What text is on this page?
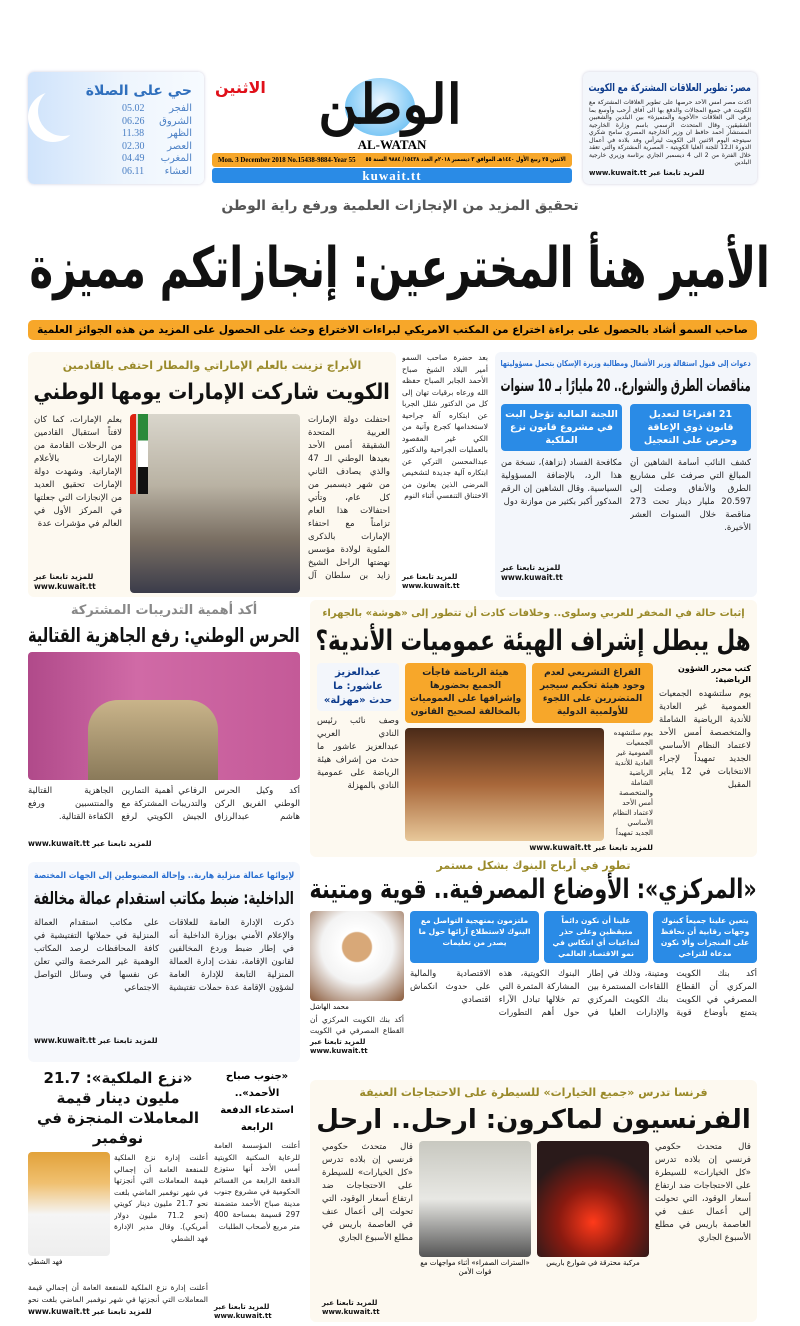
حي على الصلاة
الفجر
05.02
الشروق
06.26
الظهر
11.38
العصر
02.30
المغرب
04.49
العشاء
06.11
الوطن
الاثنين
AL-WATAN
الاثنين ٢٥ ربيع الأول ١٤٤٠هـ الموافق ٣ ديسمبر ٢٠١٨م العدد ١٥٤٣٨/ ٩٨٨٤ السنة ٥٥
Mon. 3 December 2018 No.15438-9884-Year 55
kuwait.tt
مصر: تطوير العلاقات المشتركة مع الكويت
أكدت مصر أمس الأحد حرصها على تطوير العلاقات المشتركة مع الكويت في جميع المجالات والدفع بها الى آفاق أرحب وأوسع بما يرقى الى العلاقات «الأخوية والمتميزة» بين البلدين والشعبين الشقيقين. وقال المتحدث الرسمي باسم وزارة الخارجية المستشار أحمد حافظ ان وزير الخارجية المصري سامح شكري سيتوجه اليوم الاثنين الى الكويت ليترأس وفد بلاده في أعمال الدورة الـ12 للجنة العليا الكويتية - المصرية المشتركة والتي تعقد خلال الفترة من 2 الى 4 ديسمبر الجاري برئاسة وزيري خارجية البلدين
للمزيد تابعنا عبر www.kuwait.tt
تحقيق المزيد من الإنجازات العلمية ورفع راية الوطن
الأمير هنأ المخترعين: إنجازاتكم مميزة
صاحب السمو أشاد بالحصول على براءة اختراع من المكتب الامريكي لبراءات الاختراع وحث على الحصول على المزيد من هذه الجوائز العلمية
دعوات إلى قبول استقالة وزير الأشغال ومطالبة وزيرة الإسكان بتحمل مسؤوليتها
مناقصات الطرق والشوارع.. 20 مليارًا بـ 10 سنوات
21 اقتراحًا لتعديل قانون ذوي الإعاقة وحرص على التعجيل
كشف النائب أسامة الشاهين أن المبالغ التي صرفت على مشاريع الطرق والأنفاق وصلت إلى 20.597 مليار دينار تحت 273 مناقصة خلال السنوات العشر الأخيرة.
اللجنة المالية تؤجل البت في مشروع قانون نزع الملكية
مكافحة الفساد (نزاهة)، نسخة من هذا الرد، بالإضافة المسؤولية السياسية. وقال الشاهين إن الرقم المذكور أكبر بكثير من موازنة دول
للمزيد تابعنا عبر www.kuwait.tt
بعد حضرة صاحب السمو أمير البلاد الشيخ صباح الأحمد الجابر الصباح حفظه الله ورعاه برقيات تهان إلى كل من الدكتور شلل الجربا عن ابتكاره آلة جراحية لاستخدامها كجرع وآنية من الكي غير المقصود بالعمليات الجراحية والدكتور عبدالمحسن التركي عن ابتكاره آلية جديدة لتشخيص المرضى الذين يعانون من الاختناق التنفسي أثناء النوم
للمزيد تابعنا عبر www.kuwait.tt
الأبراج تزينت بالعلم الإماراتي والمطار احتفى بالقادمين
الكويت شاركت الإمارات يومها الوطني
احتفلت دولة الإمارات العربية المتحدة الشقيقة أمس الأحد بعيدها الوطني الـ 47 والذي يصادف الثاني من شهر ديسمبر من كل عام، وتأتي احتفالات هذا العام تزامناً مع احتفاء الإمارات بالذكرى المئوية لولادة مؤسس نهضتها الراحل الشيخ زايد بن سلطان آل
بعلم الإمارات، كما كان لافتاً استقبال القادمين من الرحلات القادمة من الإمارات بالأعلام الإماراتية. وشهدت دولة الإمارات تحقيق العديد من الإنجازات التي جعلتها في المركز الأول في العالم في مؤشرات عدة
للمزيد تابعنا عبر www.kuwait.tt
إثبات حالة في المخفر للعربي وسلوى.. وخلافات كادت أن تتطور إلى «هوشة» بالجهراء
هل يبطل إشراف الهيئة عموميات الأندية؟
كتب محرر الشؤون الرياضية:
يوم سلتشهده الجمعيات العمومية غير العادية للأندية الرياضية الشاملة والمتخصصة أمس الأحد لاعتماد النظام الأساسي الجديد تمهيداً لإجراء الانتخابات في 12 يناير المقبل
الفراغ التشريعي لعدم وجود هيئة تحكيم سيجبر المتضررين على اللجوء للأولمبية الدولية
هيئة الرياضة فاجأت الجميع بحضورها وإشرافها على العموميات بالمخالفة لصحيح القانون
يوم سلتشهده الجمعيات العمومية غير العادية للأندية الرياضية الشاملة والمتخصصة أمس الأحد لاعتماد النظام الأساسي الجديد تمهيداً
للمزيد تابعنا عبر www.kuwait.tt
عبدالعزيز عاشور: ما حدث «مهزلة»
وصف نائب رئيس النادي العربي عبدالعزيز عاشور ما حدث من إشراف هيئة الرياضة على عمومية النادي بالمهزلة
أكد أهمية التدريبات المشتركة
الحرس الوطني: رفع الجاهزية القتالية
أكد وكيل الحرس الوطني الفريق الركن هاشم عبدالرزاق الرفاعي أهمية التمارين والتدريبات المشتركة مع الجيش الكويتي لرفع الجاهزية القتالية والمنتسبين ورفع الكفاءة القتالية.
للمزيد تابعنا عبر www.kuwait.tt
تطور في أرباح البنوك بشكل مستمر
«المركزي»: الأوضاع المصرفية.. قوية ومتينة
يتعين علينا جميعاً كبنوك وجهات رقابية أن نحافظ على المنجزات وألا نكون مدعاة للتراخي
علينا أن نكون دائماً متيقظين وعلى حذر لتداعيات أي انتكاس في نمو الاقتصاد العالمي
ملتزمون بمنهجية التواصل مع البنوك لاستطلاع آرائها حول ما يصدر من تعليمات
أكد بنك الكويت المركزي أن القطاع المصرفي في الكويت يتمتع بأوضاع قوية ومتينة، وذلك في إطار اللقاءات المستمرة بين بنك الكويت المركزي والإدارات العليا في البنوك الكويتية، هذه المشاركة المثمرة التي تم خلالها تبادل الآراء حول أهم التطورات الاقتصادية والمالية على حدوث انكماش اقتصادي
محمد الهاشل
أكد بنك الكويت المركزي أن القطاع المصرفي في الكويت
للمزيد تابعنا عبر www.kuwait.tt
لإيوائها عمالة منزلية هاربة.. وإحالة المضبوطين إلى الجهات المختصة
الداخلية: ضبط مكاتب استقدام عمالة مخالفة
ذكرت الإدارة العامة للعلاقات والإعلام الأمني بوزارة الداخلية أنه في إطار ضبط وردع المخالفين لقانون الإقامة، نفذت إدارة العمالة المنزلية التابعة للإدارة العامة لشؤون الإقامة عدة حملات تفتيشية على مكاتب استقدام العمالة المنزلية في حملاتها التفتيشية في كافة المحافظات لرصد المكاتب الوهمية غير المرخصة والتي تعلن عن نفسها في وسائل التواصل الاجتماعي
للمزيد تابعنا عبر www.kuwait.tt
«نزع الملكية»: 21.7 مليون دينار قيمة المعاملات المنجزة في نوفمبر
أعلنت إدارة نزع الملكية للمنفعة العامة أن إجمالي قيمة المعاملات التي أنجزتها في شهر نوفمبر الماضي بلغت نحو 21.7 مليون دينار كويتي (نحو 71.2 مليون دولار أمريكي). وقال مدير الإدارة فهد الشطي
فهد الشطي
أعلنت إدارة نزع الملكية للمنفعة العامة أن إجمالي قيمة المعاملات التي أنجزتها في شهر نوفمبر الماضي بلغت نحو
للمزيد تابعنا عبر www.kuwait.tt
«جنوب صباح الأحمد».. استدعاء الدفعة الرابعة
أعلنت المؤسسة العامة للرعاية السكنية الكويتية أمس الأحد أنها ستوزع الدفعة الرابعة من القسائم الحكومية في مشروع جنوب مدينة صباح الأحمد متضمنة 297 قسيمة بمساحة 400 متر مربع لأصحاب الطلبات
للمزيد تابعنا عبر www.kuwait.tt
فرنسا تدرس «جميع الخيارات» للسيطرة على الاحتجاجات العنيفة
الفرنسيون لماكرون: ارحل.. ارحل
قال متحدث حكومي فرنسي إن بلاده تدرس «كل الخيارات» للسيطرة على الاحتجاجات ضد ارتفاع أسعار الوقود، التي تحولت إلى أعمال عنف في العاصمة باريس في مطلع الأسبوع الجاري
مركبة محترقة في شوارع باريس
«السترات الصفراء» أثناء مواجهات مع قوات الأمن
قال متحدث حكومي فرنسي إن بلاده تدرس «كل الخيارات» للسيطرة على الاحتجاجات ضد ارتفاع أسعار الوقود، التي تحولت إلى أعمال عنف في العاصمة باريس في مطلع الأسبوع الجاري
للمزيد تابعنا عبر www.kuwait.tt
